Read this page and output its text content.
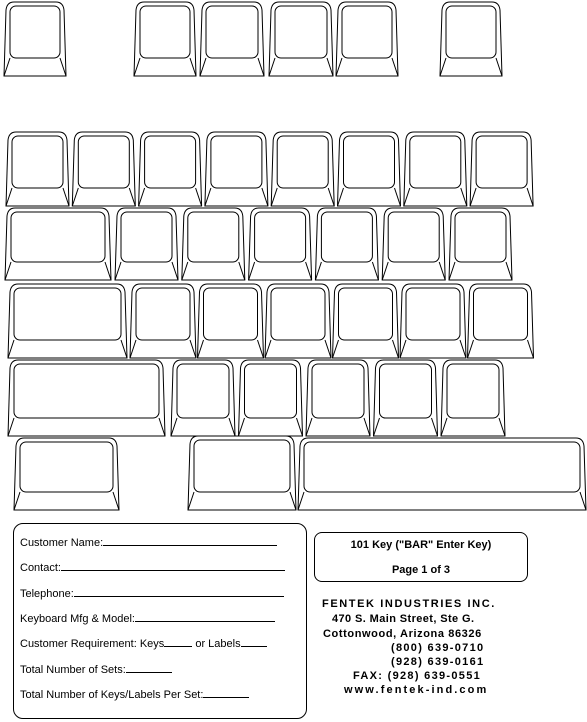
Customer Name:
Contact:
Telephone:
Keyboard Mfg & Model:
Customer Requirement: Keys	or Labels
Total Number of Sets:
Total Number of Keys/Labels Per Set:
101 Key ("BAR" Enter Key)
Page 1 of 3
FENTEK INDUSTRIES INC.
470 S. Main Street, Ste G.
Cottonwood, Arizona 86326
(800) 639-0710
(928) 639-0161
FAX: (928) 639-0551
www.fentek-ind.com
